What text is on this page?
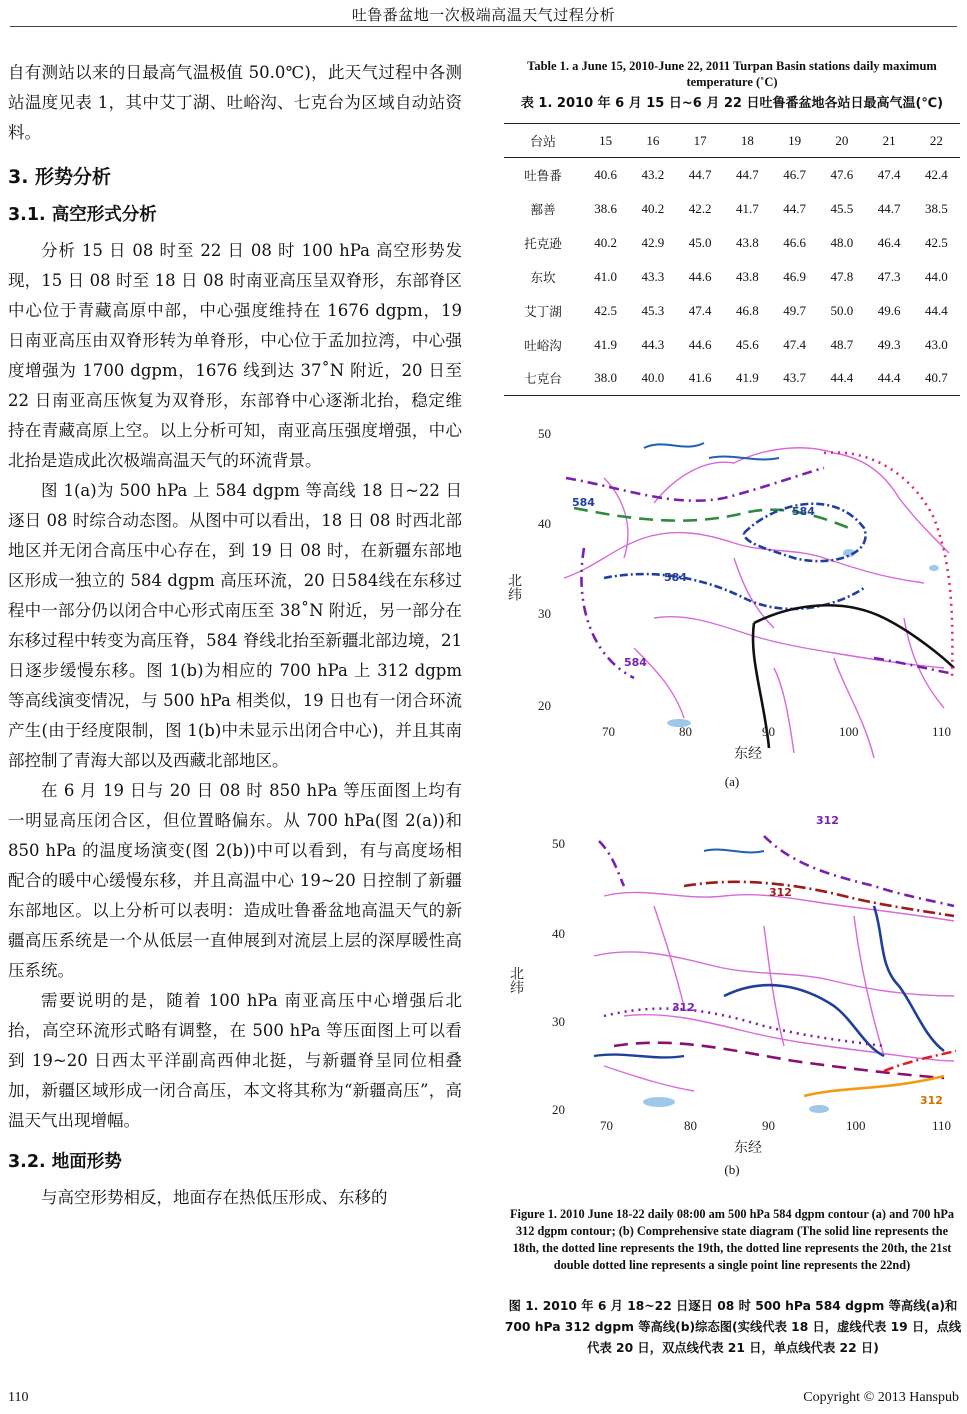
吐鲁番盆地一次极端高温天气过程分析

自有测站以来的日最高气温极值 50.0℃)，此天气过程中各测站温度见表 1，其中艾丁湖、吐峪沟、七克台为区域自动站资料。

3. 形势分析
3.1. 高空形式分析

分析 15 日 08 时至 22 日 08 时 100 hPa 高空形势发现，15 日 08 时至 18 日 08 时南亚高压呈双脊形，东部脊区中心位于青藏高原中部，中心强度维持在 1676 dgpm，19 日南亚高压由双脊形转为单脊形，中心位于孟加拉湾，中心强度增强为 1700 dgpm，1676 线到达 37˚N 附近，20 日至 22 日南亚高压恢复为双脊形，东部脊中心逐渐北抬，稳定维持在青藏高原上空。以上分析可知，南亚高压强度增强，中心北抬是造成此次极端高温天气的环流背景。

图 1(a)为 500 hPa 上 584 dgpm 等高线 18 日~22 日逐日 08 时综合动态图。从图中可以看出，18 日 08 时西北部地区并无闭合高压中心存在，到 19 日 08 时，在新疆东部地区形成一独立的 584 dgpm 高压环流，20 日584线在东移过程中一部分仍以闭合中心形式南压至 38˚N 附近，另一部分在东移过程中转变为高压脊，584 脊线北抬至新疆北部边境，21 日逐步缓慢东移。图 1(b)为相应的 700 hPa 上 312 dgpm 等高线演变情况，与 500 hPa 相类似，19 日也有一闭合环流产生(由于经度限制，图 1(b)中未显示出闭合中心)，并且其南部控制了青海大部以及西藏北部地区。

在 6 月 19 日与 20 日 08 时 850 hPa 等压面图上均有一明显高压闭合区，但位置略偏东。从 700 hPa(图 2(a))和 850 hPa 的温度场演变(图 2(b))中可以看到，有与高度场相配合的暖中心缓慢东移，并且高温中心 19~20 日控制了新疆东部地区。以上分析可以表明：造成吐鲁番盆地高温天气的新疆高压系统是一个从低层一直伸展到对流层上层的深厚暖性高压系统。

需要说明的是，随着 100 hPa 南亚高压中心增强后北抬，高空环流形式略有调整，在 500 hPa 等压面图上可以看到 19~20 日西太平洋副高西伸北挺，与新疆脊呈同位相叠加，新疆区域形成一闭合高压，本文将其称为“新疆高压”，高温天气出现增幅。

3.2. 地面形势

与高空形势相反，地面存在热低压形成、东移的

Table 1. a June 15, 2010-June 22, 2011 Turpan Basin stations daily maximum temperature (˚C)
表 1. 2010 年 6 月 15 日~6 月 22 日吐鲁番盆地各站日最高气温(℃)
台站	15	16	17	18	19	20	21	22
吐鲁番	40.6	43.2	44.7	44.7	46.7	47.6	47.4	42.4
鄯善	38.6	40.2	42.2	41.7	44.7	45.5	44.7	38.5
托克逊	40.2	42.9	45.0	43.8	46.6	48.0	46.4	42.5
东坎	41.0	43.3	44.6	43.8	46.9	47.8	47.3	44.0
艾丁湖	42.5	45.3	47.4	46.8	49.7	50.0	49.6	44.4
吐峪沟	41.9	44.3	44.6	45.6	47.4	48.7	49.3	43.0
七克台	38.0	40.0	41.6	41.9	43.7	44.4	44.4	40.7
584
584
584
584
50
40
30
20
70	80	90	100	110
东经
北纬
(a)
312
312
312
312
50
40
30
20
70	80	90	100	110
东经
北纬
(b)
Figure 1. 2010 June 18-22 daily 08:00 am 500 hPa 584 dgpm contour (a) and 700 hPa 312 dgpm contour; (b) Comprehensive state diagram (The solid line represents the 18th, the dotted line represents the 19th, the dotted line represents the 20th, the 21st double dotted line represents a single point line represents the 22nd)
图 1. 2010 年 6 月 18~22 日逐日 08 时 500 hPa 584 dgpm 等高线(a)和 700 hPa 312 dgpm 等高线(b)综态图(实线代表 18 日，虚线代表 19 日，点线代表 20 日，双点线代表 21 日，单点线代表 22 日)
110	Copyright © 2013 Hanspub
